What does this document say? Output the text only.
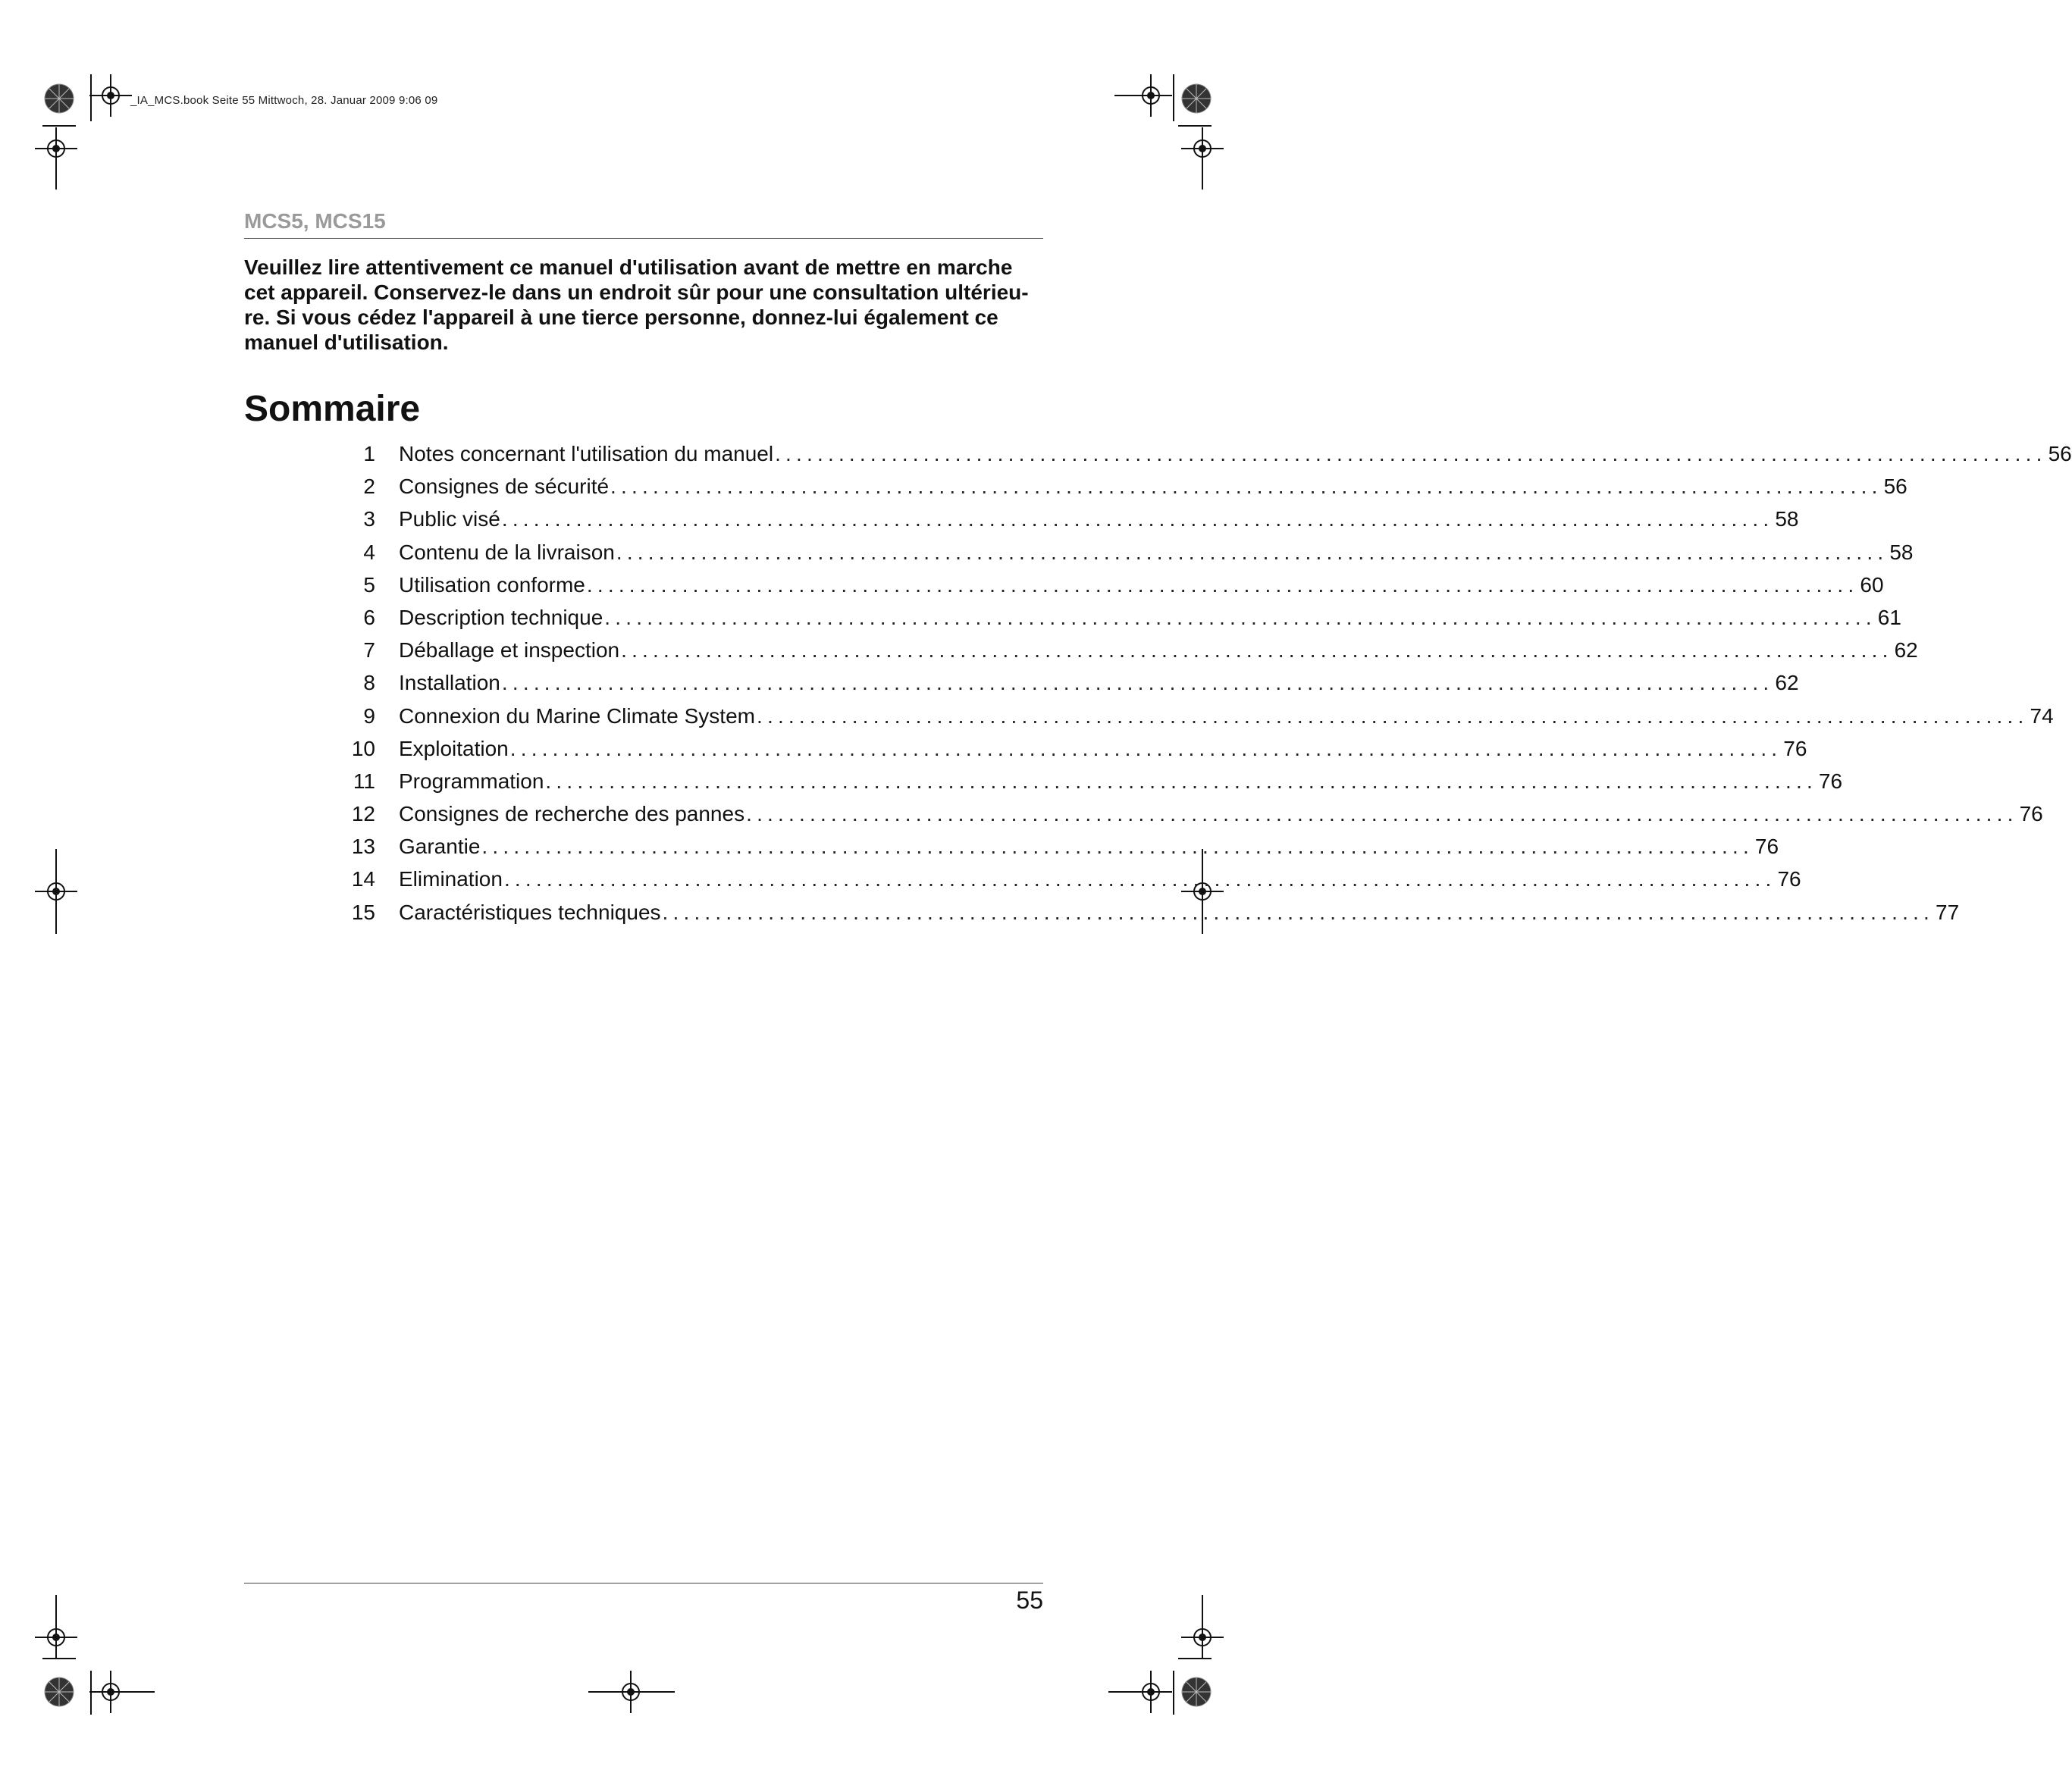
_IA_MCS.book Seite 55 Mittwoch, 28. Januar 2009 9:06 09
MCS5, MCS15
Veuillez lire attentivement ce manuel d'utilisation avant de mettre en marche cet appareil. Conservez-le dans un endroit sûr pour une consultation ultérieu-re. Si vous cédez l'appareil à une tierce personne, donnez-lui également ce manuel d'utilisation.
Sommaire
1 Notes concernant l'utilisation du manuel ........................................................................................................................ 56
2 Consignes de sécurité ........................................................................................................................ 56
3 Public visé ........................................................................................................................ 58
4 Contenu de la livraison ........................................................................................................................ 58
5 Utilisation conforme ........................................................................................................................ 60
6 Description technique ........................................................................................................................ 61
7 Déballage et inspection ........................................................................................................................ 62
8 Installation ........................................................................................................................ 62
9 Connexion du Marine Climate System ........................................................................................................................ 74
10 Exploitation ........................................................................................................................ 76
11 Programmation ........................................................................................................................ 76
12 Consignes de recherche des pannes ........................................................................................................................ 76
13 Garantie ........................................................................................................................ 76
14 Elimination ........................................................................................................................ 76
15 Caractéristiques techniques ........................................................................................................................ 77
55
